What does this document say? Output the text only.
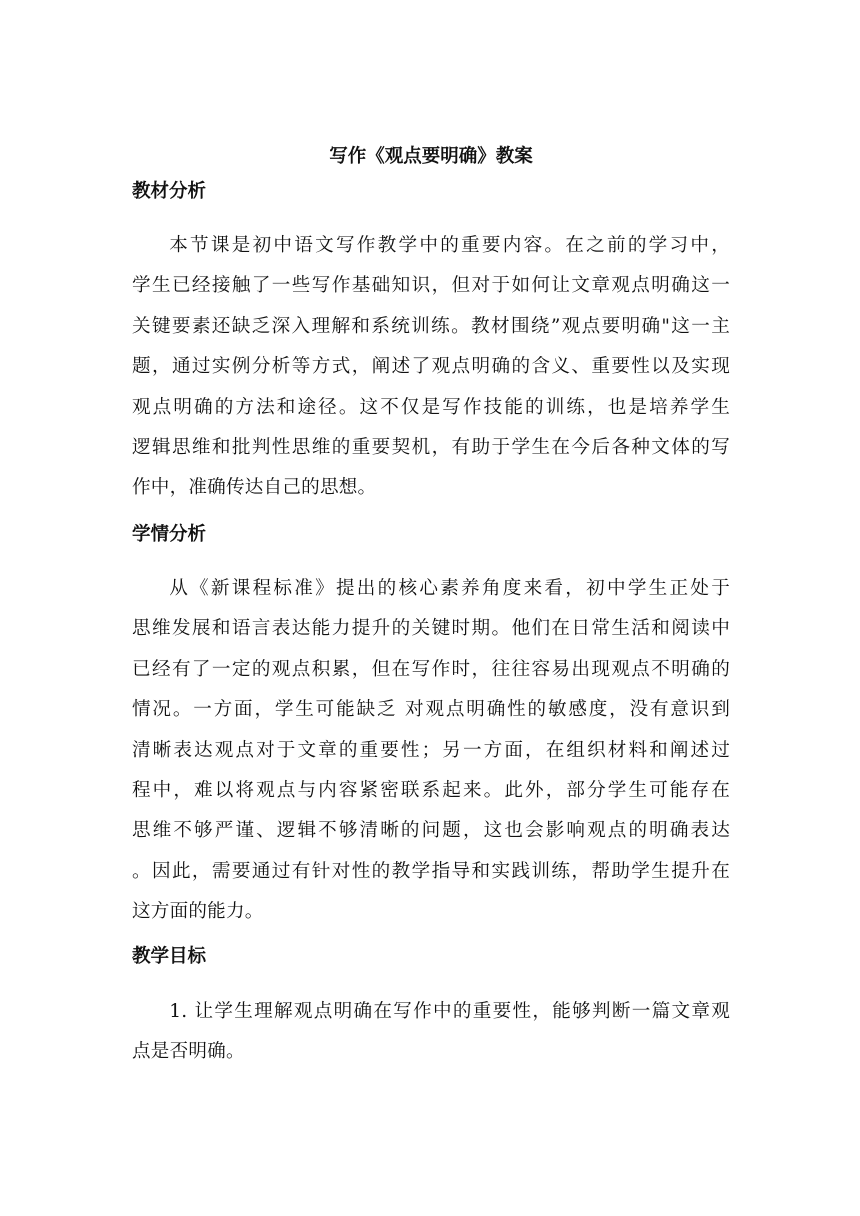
写作《观点要明确》教案
教材分析
本节课是初中语文写作教学中的重要内容。在之前的学习中，
学生已经接触了一些写作基础知识，但对于如何让文章观点明确这一
关键要素还缺乏深入理解和系统训练。教材围绕”观点要明确"这一主
题，通过实例分析等方式，阐述了观点明确的含义、重要性以及实现
观点明确的方法和途径。这不仅是写作技能的训练，也是培养学生
逻辑思维和批判性思维的重要契机，有助于学生在今后各种文体的写
作中，准确传达自己的思想。
学情分析
从《新课程标准》提出的核心素养角度来看，初中学生正处于
思维发展和语言表达能力提升的关键时期。他们在日常生活和阅读中
已经有了一定的观点积累，但在写作时，往往容易出现观点不明确的
情况。一方面，学生可能缺乏 对观点明确性的敏感度，没有意识到
清晰表达观点对于文章的重要性；另一方面，在组织材料和阐述过
程中，难以将观点与内容紧密联系起来。此外，部分学生可能存在
思维不够严谨、逻辑不够清晰的问题，这也会影响观点的明确表达
。因此，需要通过有针对性的教学指导和实践训练，帮助学生提升在
这方面的能力。
教学目标
1. 让学生理解观点明确在写作中的重要性，能够判断一篇文章观
点是否明确。
